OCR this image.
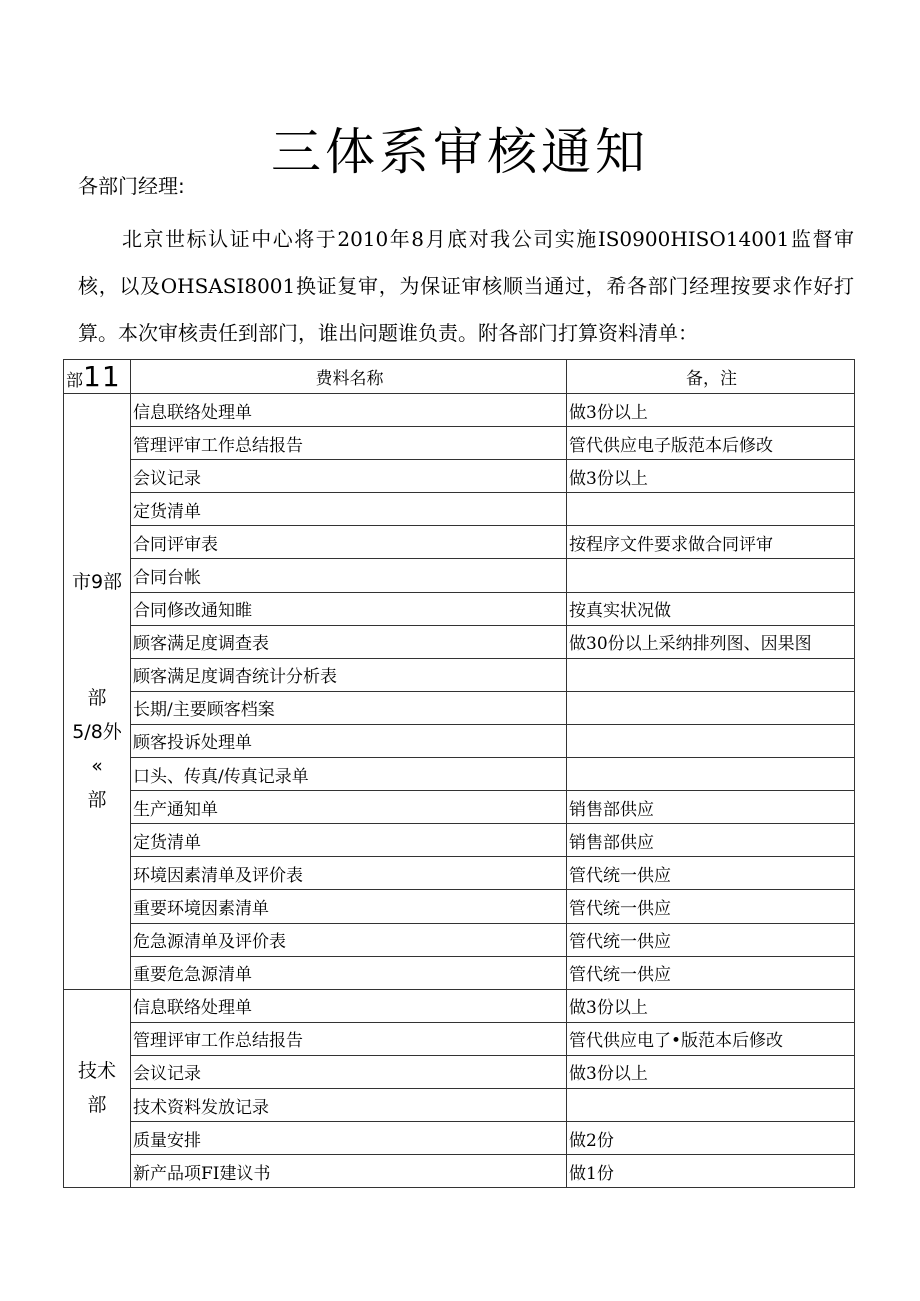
三体系审核通知
各部门经理:

北京世标认证中心将于2010年8月底对我公司实施IS0900HISO14001监督审核，以及OHSASI8001换证复审，为保证审核顺当通过，希各部门经理按要求作好打算。本次审核责任到部门，谁出问题谁负责。附各部门打算资料清单：

部11	费料名称	备，注

市9部
部
5/8外
«
部	信息联络处理单	做3份以上
	管理评审工作总结报告	管代供应电子版范本后修改
	会议记录	做3份以上
	定货清单	
	合同评审表	按程序文件要求做合同评审
	合同台帐	
	合同修改通知睢	按真实状况做
	顾客满足度调查表	做30份以上采纳排列图、因果图
	顾客满足度调杳统计分析表	
	长期/主要顾客档案	
	顾客投诉处理单	
	口头、传真/传真记录单	
	生产通知单	销售部供应
	定货清单	销售部供应
	环境因素清单及评价表	管代统一供应
	重要环境因素清单	管代统一供应
	危急源清单及评价表	管代统一供应
	重要危急源清单	管代统一供应

技术
部	信息联络处理单	做3份以上
	管理评审工作总结报告	管代供应电了•版范本后修改
	会议记录	做3份以上
	技术资料发放记录	
	质量安排	做2份
	新产品项FI建议书	做1份
